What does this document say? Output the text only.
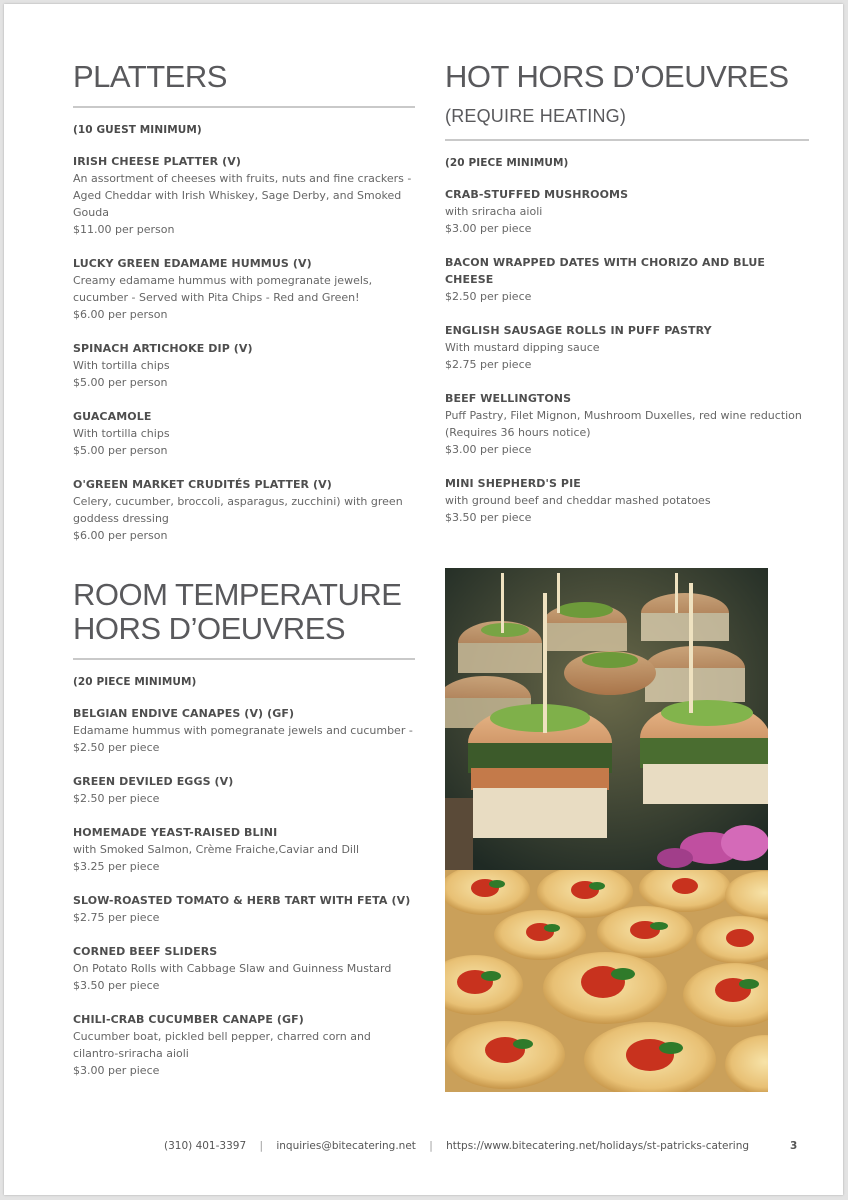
PLATTERS
(10 GUEST MINIMUM)
IRISH CHEESE PLATTER (V)
An assortment of cheeses with fruits, nuts and fine crackers - Aged Cheddar with Irish Whiskey, Sage Derby, and Smoked Gouda
$11.00 per person
LUCKY GREEN EDAMAME HUMMUS (V)
Creamy edamame hummus with pomegranate jewels, cucumber - Served with Pita Chips - Red and Green!
$6.00 per person
SPINACH ARTICHOKE DIP (V)
With tortilla chips
$5.00 per person
GUACAMOLE
With tortilla chips
$5.00 per person
O'GREEN MARKET CRUDITÉS PLATTER (V)
Celery, cucumber, broccoli, asparagus, zucchini) with green goddess dressing
$6.00 per person
ROOM TEMPERATURE
HORS D’OEUVRES
(20 PIECE MINIMUM)
BELGIAN ENDIVE CANAPES (V) (GF)
Edamame hummus with pomegranate jewels and cucumber - $2.50 per piece
GREEN DEVILED EGGS (V)
$2.50 per piece
HOMEMADE YEAST-RAISED BLINI
with Smoked Salmon, Crème Fraiche,Caviar and Dill
$3.25 per piece
SLOW-ROASTED TOMATO & HERB TART WITH FETA (V)
$2.75 per piece
CORNED BEEF SLIDERS
On Potato Rolls with Cabbage Slaw and Guinness Mustard
$3.50 per piece
CHILI-CRAB CUCUMBER CANAPE (GF)
Cucumber boat, pickled bell pepper, charred corn and cilantro-sriracha aioli
$3.00 per piece
HOT HORS D’OEUVRES
(REQUIRE HEATING)
(20 PIECE MINIMUM)
CRAB-STUFFED MUSHROOMS
with sriracha aioli
$3.00 per piece
BACON WRAPPED DATES WITH CHORIZO AND BLUE CHEESE
$2.50 per piece
ENGLISH SAUSAGE ROLLS IN PUFF PASTRY
With mustard dipping sauce
$2.75 per piece
BEEF WELLINGTONS
Puff Pastry, Filet Mignon, Mushroom Duxelles, red wine reduction (Requires 36 hours notice)
$3.00 per piece
MINI SHEPHERD'S PIE
with ground beef and cheddar mashed potatoes
$3.50 per piece
(310) 401-3397 | inquiries@bitecatering.net | https://www.bitecatering.net/holidays/st-patricks-catering	3
